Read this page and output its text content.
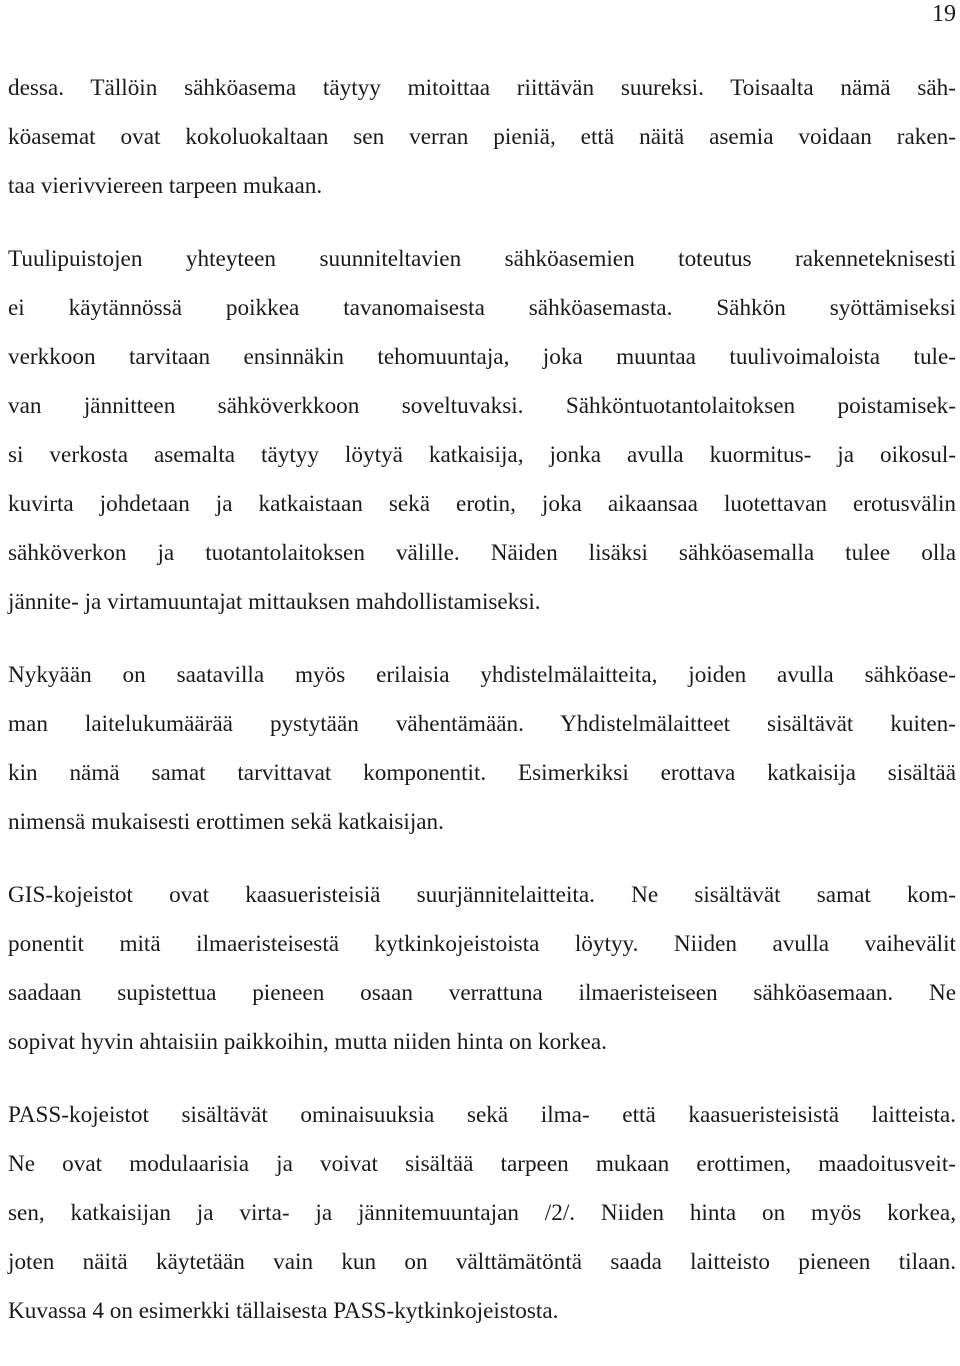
19

dessa. Tällöin sähköasema täytyy mitoittaa riittävän suureksi. Toisaalta nämä säh-
köasemat ovat kokoluokaltaan sen verran pieniä, että näitä asemia voidaan raken-
taa vierivviereen tarpeen mukaan.

Tuulipuistojen yhteyteen suunniteltavien sähköasemien toteutus rakenneteknisesti
ei käytännössä poikkea tavanomaisesta sähköasemasta. Sähkön syöttämiseksi
verkkoon tarvitaan ensinnäkin tehomuuntaja, joka muuntaa tuulivoimaloista tule-
van jännitteen sähköverkkoon soveltuvaksi. Sähköntuotantolaitoksen poistamisek-
si verkosta asemalta täytyy löytyä katkaisija, jonka avulla kuormitus- ja oikosul-
kuvirta johdetaan ja katkaistaan sekä erotin, joka aikaansaa luotettavan erotusvälin
sähköverkon ja tuotantolaitoksen välille. Näiden lisäksi sähköasemalla tulee olla
jännite- ja virtamuuntajat mittauksen mahdollistamiseksi.

Nykyään on saatavilla myös erilaisia yhdistelmälaitteita, joiden avulla sähköase-
man laitelukumäärää pystytään vähentämään. Yhdistelmälaitteet sisältävät kuiten-
kin nämä samat tarvittavat komponentit. Esimerkiksi erottava katkaisija sisältää
nimensä mukaisesti erottimen sekä katkaisijan.

GIS-kojeistot ovat kaasueristeisiä suurjännitelaitteita. Ne sisältävät samat kom-
ponentit mitä ilmaeristeisestä kytkinkojeistoista löytyy. Niiden avulla vaihevälit
saadaan supistettua pieneen osaan verrattuna ilmaeristeiseen sähköasemaan. Ne
sopivat hyvin ahtaisiin paikkoihin, mutta niiden hinta on korkea.

PASS-kojeistot sisältävät ominaisuuksia sekä ilma- että kaasueristeisistä laitteista.
Ne ovat modulaarisia ja voivat sisältää tarpeen mukaan erottimen, maadoitusveit-
sen, katkaisijan ja virta- ja jännitemuuntajan /2/. Niiden hinta on myös korkea,
joten näitä käytetään vain kun on välttämätöntä saada laitteisto pieneen tilaan.
Kuvassa 4 on esimerkki tällaisesta PASS-kytkinkojeistosta.
